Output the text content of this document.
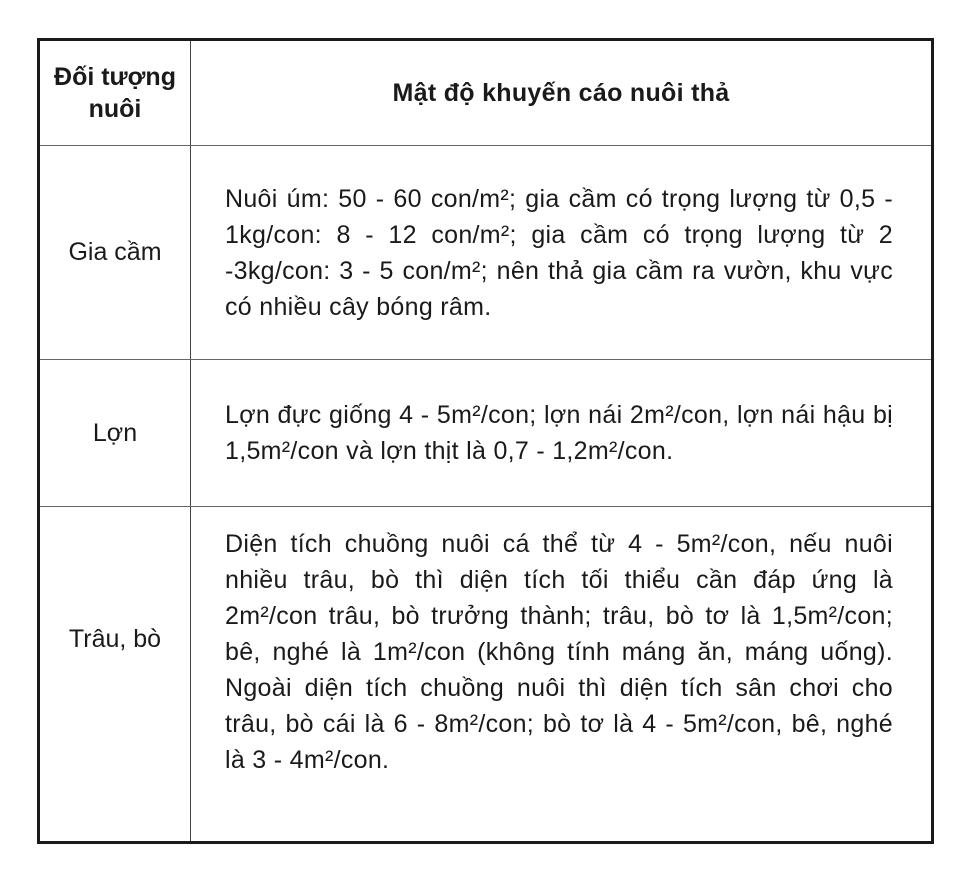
Đối tượng nuôi
Mật độ khuyến cáo nuôi thả
Gia cầm
Nuôi úm: 50 - 60 con/m²; gia cầm có trọng lượng từ 0,5 - 1kg/con: 8 - 12 con/m²; gia cầm có trọng lượng từ 2 -3kg/con: 3 - 5 con/m²; nên thả gia cầm ra vườn, khu vực có nhiều cây bóng râm.
Lợn
Lợn đực giống 4 - 5m²/con; lợn nái 2m²/con, lợn nái hậu bị 1,5m²/con và lợn thịt là 0,7 - 1,2m²/con.
Trâu, bò
Diện tích chuồng nuôi cá thể từ 4 - 5m²/con, nếu nuôi nhiều trâu, bò thì diện tích tối thiểu cần đáp ứng là 2m²/con trâu, bò trưởng thành; trâu, bò tơ là 1,5m²/con; bê, nghé là 1m²/con (không tính máng ăn, máng uống). Ngoài diện tích chuồng nuôi thì diện tích sân chơi cho trâu, bò cái là 6 - 8m²/con; bò tơ là 4 - 5m²/con, bê, nghé là 3 - 4m²/con.
